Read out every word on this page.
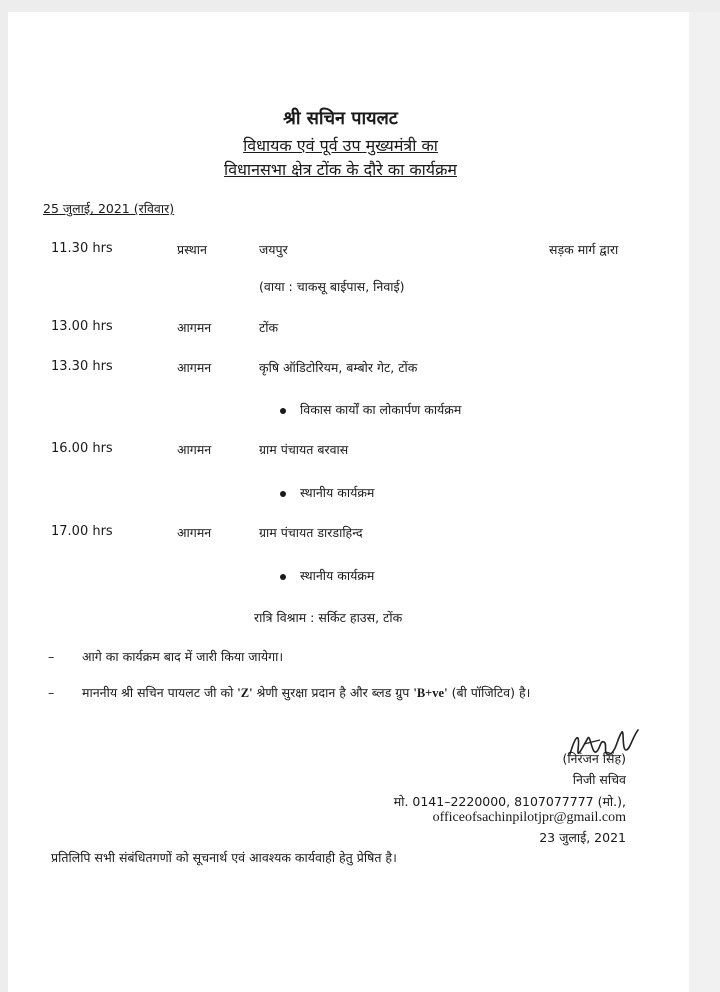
श्री सचिन पायलट
विधायक एवं पूर्व उप मुख्यमंत्री का
विधानसभा क्षेत्र टोंक के दौरे का कार्यक्रम
25 जुलाई, 2021 (रविवार)
11.30 hrs	प्रस्थान	जयपुर	सड़क मार्ग द्वारा
(वाया : चाकसू बाईपास, निवाई)
13.00 hrs	आगमन	टोंक
13.30 hrs	आगमन	कृषि ऑडिटोरियम, बम्बोर गेट, टोंक
विकास कार्यों का लोकार्पण कार्यक्रम
16.00 hrs	आगमन	ग्राम पंचायत बरवास
स्थानीय कार्यक्रम
17.00 hrs	आगमन	ग्राम पंचायत डारडाहिन्द
स्थानीय कार्यक्रम
रात्रि विश्राम : सर्किट हाउस, टोंक
– आगे का कार्यक्रम बाद में जारी किया जायेगा।
– माननीय श्री सचिन पायलट जी को 'Z' श्रेणी सुरक्षा प्रदान है और ब्लड ग्रुप 'B+ve' (बी पॉजिटिव) है।
(निरंजन सिंह)
निजी सचिव
मो. 0141–2220000, 8107077777 (मो.),
officeofsachinpilotjpr@gmail.com
23 जुलाई, 2021
प्रतिलिपि सभी संबंधितगणों को सूचनार्थ एवं आवश्यक कार्यवाही हेतु प्रेषित है।
